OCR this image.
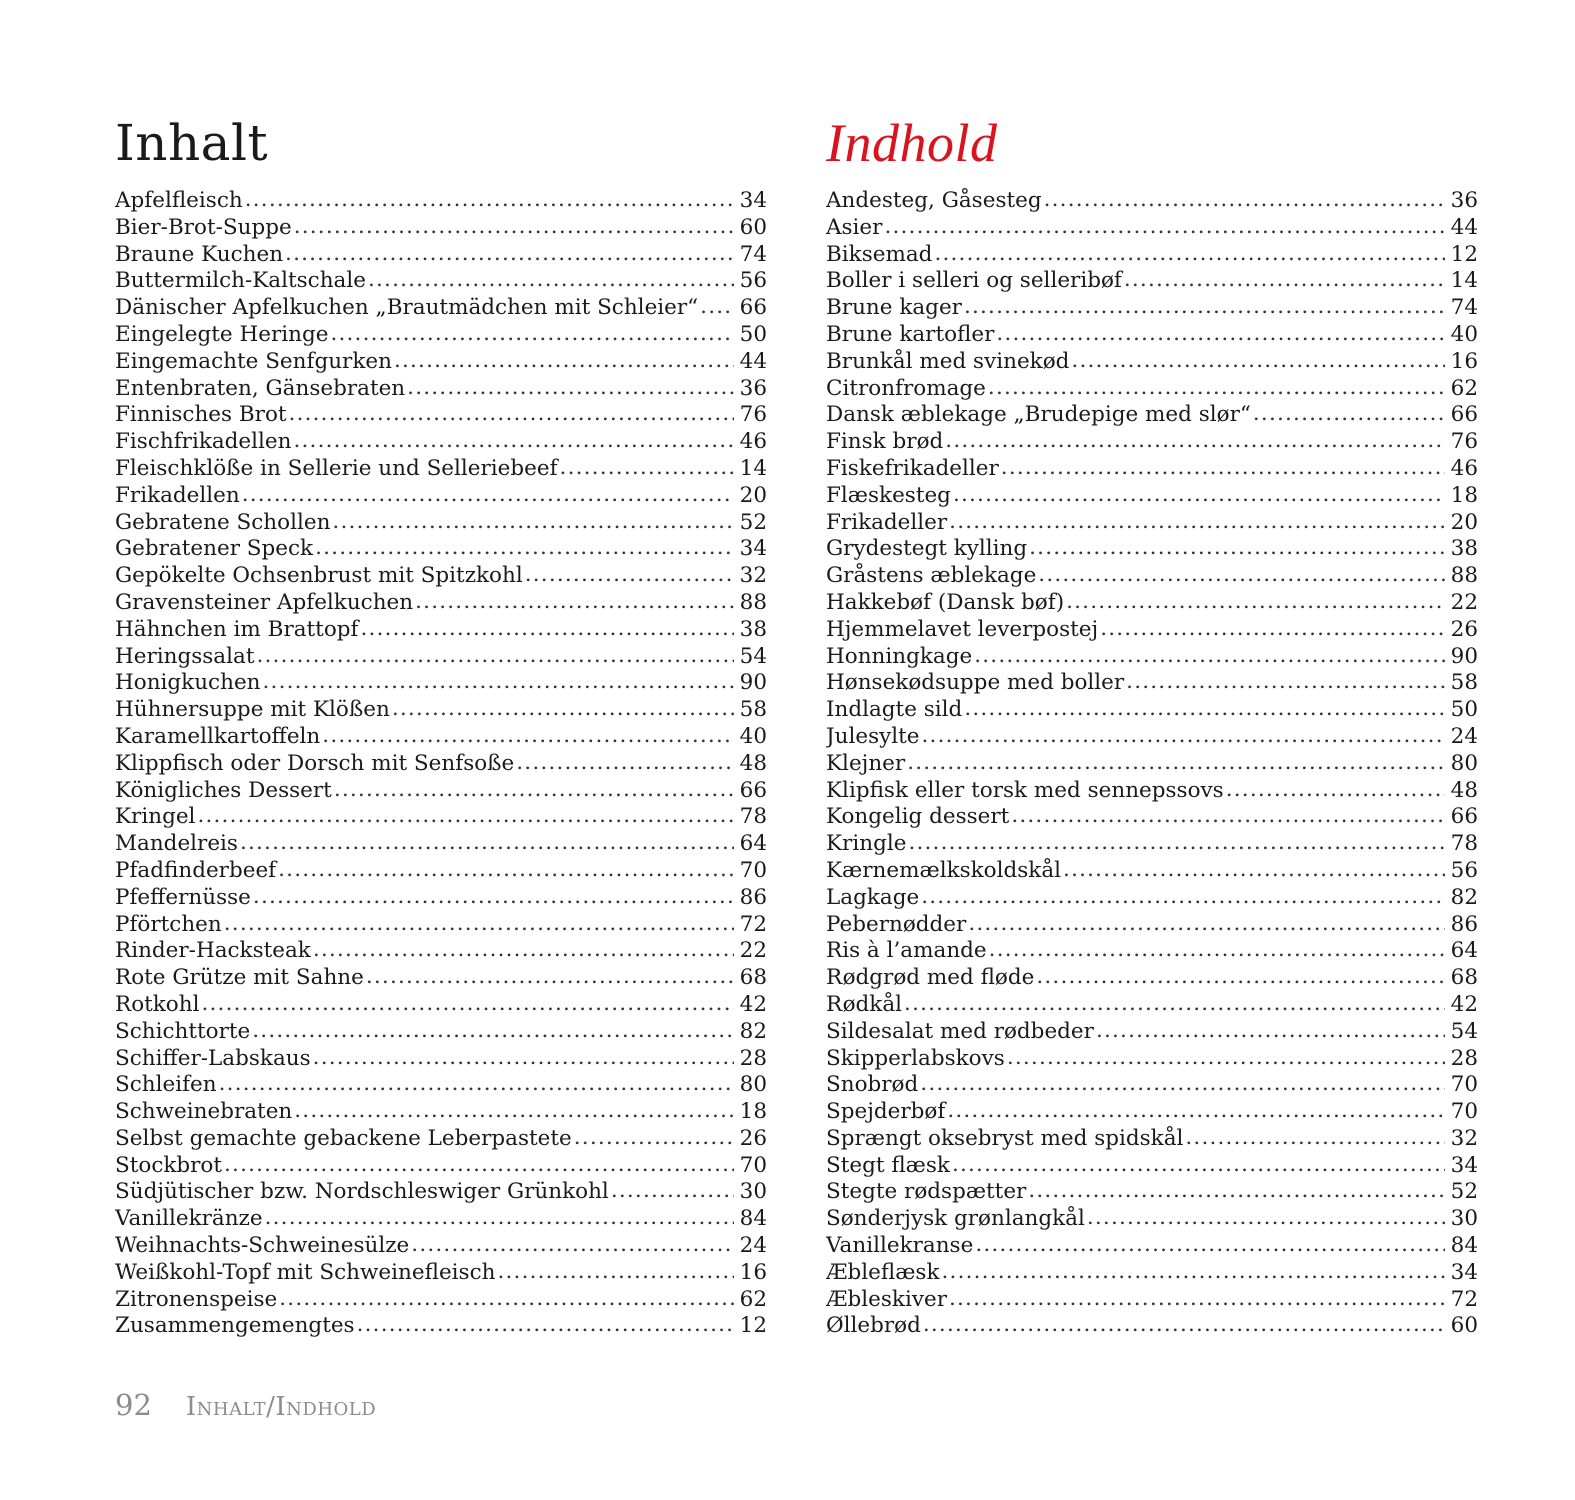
Inhalt
Apfelfleisch .....	34
Bier-Brot-Suppe .....	60
Braune Kuchen .....	74
Buttermilch-Kaltschale .....	56
Dänischer Apfelkuchen „Brautmädchen mit Schleier“ ..... 66
Eingelegte Heringe .....	50
Eingemachte Senfgurken .....	44
Entenbraten, Gänsebraten .....	36
Finnisches Brot .....	76
Fischfrikadellen .....	46
Fleischklöße in Sellerie und Selleriebeef .....	14
Frikadellen .....	20
Gebratene Schollen .....	52
Gebratener Speck .....	34
Gepökelte Ochsenbrust mit Spitzkohl .....	32
Gravensteiner Apfelkuchen .....	88
Hähnchen im Brattopf .....	38
Heringssalat .....	54
Honigkuchen .....	90
Hühnersuppe mit Klößen .....	58
Karamellkartoffeln .....	40
Klippfisch oder Dorsch mit Senfsoße .....	48
Königliches Dessert .....	66
Kringel .....	78
Mandelreis .....	64
Pfadfinderbeef .....	70
Pfeffernüsse .....	86
Pförtchen .....	72
Rinder-Hacksteak .....	22
Rote Grütze mit Sahne .....	68
Rotkohl .....	42
Schichttorte .....	82
Schiffer-Labskaus .....	28
Schleifen .....	80
Schweinebraten .....	18
Selbst gemachte gebackene Leberpastete .....	26
Stockbrot .....	70
Südjütischer bzw. Nordschleswiger Grünkohl .....	30
Vanillekränze .....	84
Weihnachts-Schweinesülze .....	24
Weißkohl-Topf mit Schweinefleisch .....	16
Zitronenspeise .....	62
Zusammengemengtes .....	12
Indhold
Andesteg, Gåsesteg .....	36
Asier .....	44
Biksemad .....	12
Boller i selleri og selleribøf .....	14
Brune kager .....	74
Brune kartofler .....	40
Brunkål med svinekød .....	16
Citronfromage .....	62
Dansk æblekage „Brudepige med slør“ .....	66
Finsk brød .....	76
Fiskefrikadeller .....	46
Flæskesteg .....	18
Frikadeller .....	20
Grydestegt kylling .....	38
Gråstens æblekage .....	88
Hakkebøf (Dansk bøf) .....	22
Hjemmelavet leverpostej .....	26
Honningkage .....	90
Hønsekødsuppe med boller .....	58
Indlagte sild .....	50
Julesylte .....	24
Klejner .....	80
Klipfisk eller torsk med sennepssovs .....	48
Kongelig dessert .....	66
Kringle .....	78
Kærnemælkskoldskål .....	56
Lagkage .....	82
Pebernødder .....	86
Ris à l’amande .....	64
Rødgrød med fløde .....	68
Rødkål .....	42
Sildesalat med rødbeder .....	54
Skipperlabskovs .....	28
Snobrød .....	70
Spejderbøf .....	70
Sprængt oksebryst med spidskål .....	32
Stegt flæsk .....	34
Stegte rødspætter .....	52
Sønderjysk grønlangkål .....	30
Vanillekranse .....	84
Æbleflæsk .....	34
Æbleskiver .....	72
Øllebrød .....	60
92 Inhalt/Indhold
